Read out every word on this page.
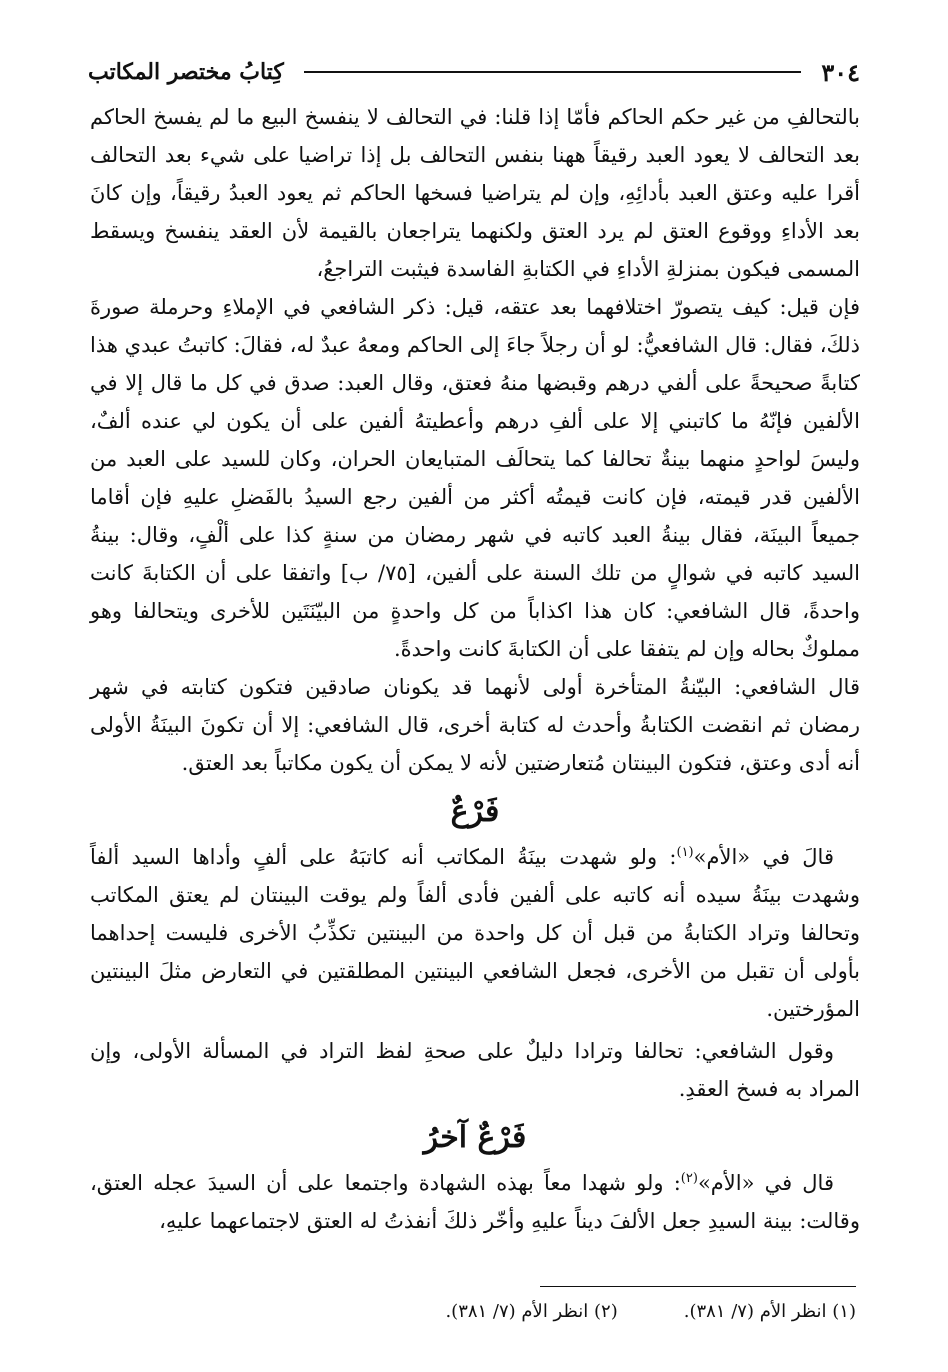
٣٠٤
كِتابُ مختصر المكاتب

بالتحالفِ من غير حكم الحاكم فأمّا إذا قلنا: في التحالف لا ينفسخ البيع ما لم يفسخ الحاكم بعد التحالف لا يعود العبد رقيقاً ههنا بنفس التحالف بل إذا تراضيا على شيء بعد التحالف أقرا عليه وعتق العبد بأدائِهِ، وإن لم يتراضيا فسخها الحاكم ثم يعود العبدُ رقيقاً، وإن كانَ بعد الأداءِ ووقوع العتق لم يرد العتق ولكنهما يتراجعان بالقيمة لأن العقد ينفسخ ويسقط المسمى فيكون بمنزلةِ الأداءِ في الكتابةِ الفاسدة فيثبت التراجعُ،

فإن قيل: كيف يتصورّ اختلافهما بعد عتقه، قيل: ذكر الشافعي في الإملاءِ وحرملة صورةَ ذلكَ، فقال: قال الشافعيُّ: لو أن رجلاً جاءَ إلى الحاكم ومعهُ عبدٌ له، فقالَ: كاتبتُ عبدي هذا كتابةً صحيحةً على ألفي درهم وقبضها منهُ فعتق، وقال العبد: صدق في كل ما قال إلا في الألفين فإنّهُ ما كاتبني إلا على ألفِ درهم وأعطيتهُ ألفين على أن يكون لي عنده ألفٌ، وليسَ لواحدٍ منهما بينةٌ تحالفا كما يتحالَف المتبايعان الحران، وكان للسيد على العبد من الألفين قدر قيمته، فإن كانت قيمتُه أكثر من ألفين رجع السيدُ بالفَضلِ عليهِ فإن أقاما جميعاً البينَة، فقال بينةُ العبد كاتبه في شهر رمضان من سنةٍ كذا على ألْفٍ، وقال: بينةُ السيد كاتبه في شوالٍ من تلك السنة على ألفين، [٧٥/ ب] واتفقا على أن الكتابةَ كانت واحدةً، قال الشافعي: كان هذا اكذاباً من كل واحدةٍ من البيّنَتَين للأخرى ويتحالفا وهو مملوكٌ بحاله وإن لم يتفقا على أن الكتابةَ كانت واحدةً.

قال الشافعي: البيّنةُ المتأخرة أولى لأنهما قد يكونان صادقين فتكون كتابته في شهر رمضان ثم انقضت الكتابةُ وأحدث له كتابة أخرى، قال الشافعي: إلا أن تكونَ البينَةُ الأولى أنه أدى وعتق، فتكون البينتان مُتعارضتين لأنه لا يمكن أن يكون مكاتباً بعد العتق.

فَرْعٌ

قالَ في «الأم»$^{(١)}$: ولو شهدت بينَةُ المكاتب أنه كاتبَهُ على ألفٍ وأداها السيد ألفاً وشهدت بينَةُ سيده أنه كاتبه على ألفين فأدى ألفاً ولم يوقت البينتان لم يعتق المكاتب وتحالفا وتراد الكتابةُ من قبل أن كل واحدة من البينتين تكذِّبُ الأخرى فليست إحداهما بأولى أن تقبل من الأخرى، فجعل الشافعي البينتين المطلقتين في التعارض مثلَ البينتين المؤرختين.

وقول الشافعي: تحالفا وترادا دليلٌ على صحةِ لفظ التراد في المسألة الأولى، وإن المراد به فسخ العقدِ.

فَرْعٌ آخرُ

قال في «الأم»$^{(٢)}$: ولو شهدا معاً بهذه الشهادة واجتمعا على أن السيدَ عجله العتق، وقالت: بينة السيدِ جعل الألفَ ديناً عليهِ وأخّر ذلكَ أنفذتُ له العتق لاجتماعهما عليهِ،

(١) انظر الأم (٧/ ٣٨١).
(٢) انظر الأم (٧/ ٣٨١).
